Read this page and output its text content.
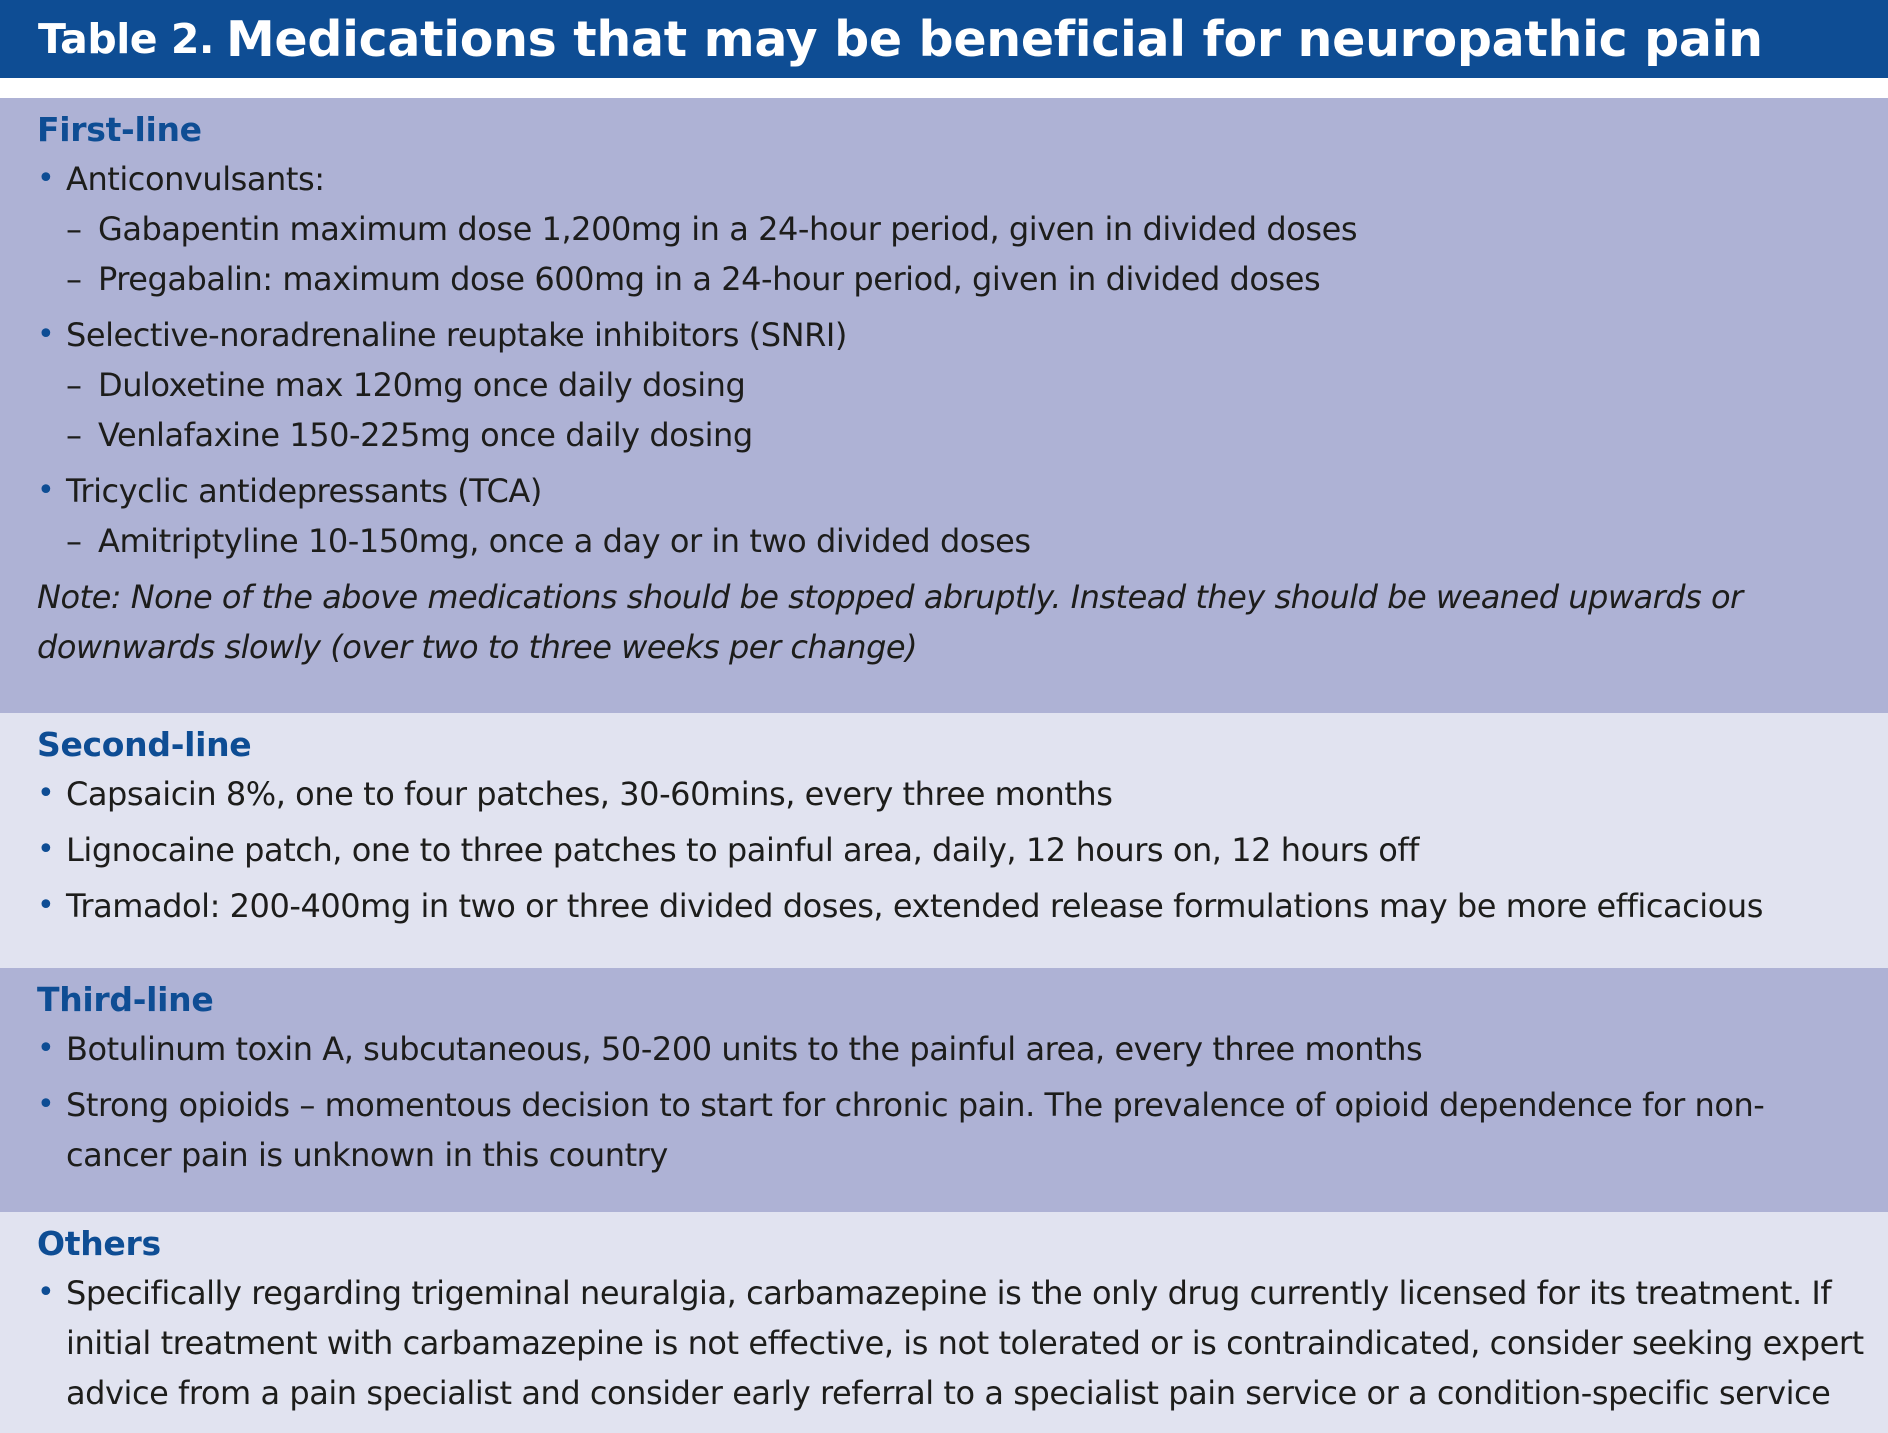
Table 2. Medications that may be beneficial for neuropathic pain
First-line
• Anticonvulsants:
– Gabapentin maximum dose 1,200mg in a 24-hour period, given in divided doses
– Pregabalin: maximum dose 600mg in a 24-hour period, given in divided doses
• Selective-noradrenaline reuptake inhibitors (SNRI)
– Duloxetine max 120mg once daily dosing
– Venlafaxine 150-225mg once daily dosing
• Tricyclic antidepressants (TCA)
– Amitriptyline 10-150mg, once a day or in two divided doses
Note: None of the above medications should be stopped abruptly. Instead they should be weaned upwards or downwards slowly (over two to three weeks per change)
Second-line
• Capsaicin 8%, one to four patches, 30-60mins, every three months
• Lignocaine patch, one to three patches to painful area, daily, 12 hours on, 12 hours off
• Tramadol: 200-400mg in two or three divided doses, extended release formulations may be more efficacious
Third-line
• Botulinum toxin A, subcutaneous, 50-200 units to the painful area, every three months
• Strong opioids – momentous decision to start for chronic pain. The prevalence of opioid dependence for non-cancer pain is unknown in this country
Others
• Specifically regarding trigeminal neuralgia, carbamazepine is the only drug currently licensed for its treatment. If initial treatment with carbamazepine is not effective, is not tolerated or is contraindicated, consider seeking expert advice from a pain specialist and consider early referral to a specialist pain service or a condition-specific service
